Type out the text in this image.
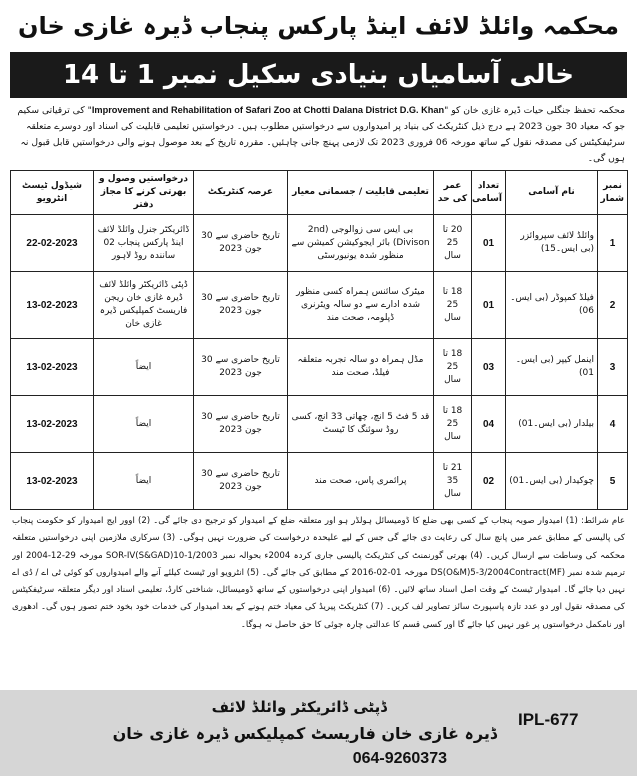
محکمہ وائلڈ لائف اینڈ پارکس پنجاب ڈیرہ غازی خان
خالی آسامیاں بنیادی سکیل نمبر 1 تا 14
محکمہ تحفظ جنگلی حیات ڈیرہ غازی خان کو "Improvement and Rehabilitation of Safari Zoo at Chotti Dalana District D.G. Khan" کی ترقیاتی سکیم جو کہ معیاد 30 جون 2023 ہے درج ذیل کنٹریکٹ کی بنیاد پر امیدواروں سے درخواستیں مطلوب ہیں۔ درخواستیں تعلیمی قابلیت کی اسناد اور دوسرے متعلقہ سرٹیفکیٹس کی مصدقہ نقول کے ساتھ مورخہ 06 فروری 2023 تک لازمی پہنچ جانی چاہئیں۔ مقررہ تاریخ کے بعد موصول ہونے والی درخواستیں قابل قبول نہ ہوں گی۔
نمبر شمار	نام آسامی	تعداد آسامی	عمر کی حد	تعلیمی قابلیت / جسمانی معیار	عرصہ کنٹریکٹ	درخواستیں وصول و بھرتی کرنے کا مجاز دفتر	شیڈول ٹیسٹ انٹرویو
1	وائلڈ لائف سپروائزر (بی ایس۔15)	01	20 تا 25 سال	بی ایس سی زوالوجی (2nd Divison) بائر ایجوکیشن کمیشن سے منظور شدہ یونیورسٹی	تاریخ حاضری سے 30 جون 2023	ڈائریکٹر جنرل وائلڈ لائف اینڈ پارکس پنجاب 02 سانندہ روڈ لاہور	22-02-2023
2	فیلڈ کمپوڈر (بی ایس۔06)	01	18 تا 25 سال	میٹرک سائنس ہمراہ کسی منظور شدہ ادارے سے دو سالہ ویٹرنری ڈپلومہ، صحت مند	تاریخ حاضری سے 30 جون 2023	ڈپٹی ڈائریکٹر وائلڈ لائف ڈیرہ غازی خان ریجن فاریسٹ کمپلیکس ڈیرہ غازی خان	13-02-2023
3	اینمل کیپر (بی ایس۔01)	03	18 تا 25 سال	مڈل ہمراہ دو سالہ تجربہ متعلقہ فیلڈ، صحت مند	تاریخ حاضری سے 30 جون 2023	ایضاً	13-02-2023
4	بیلدار (بی ایس۔01)	04	18 تا 25 سال	قد 5 فٹ 5 انچ، چھاتی 33 انچ، کسی روڈ سوئنگ کا ٹیسٹ	تاریخ حاضری سے 30 جون 2023	ایضاً	13-02-2023
5	چوکیدار (بی ایس۔01)	02	21 تا 35 سال	پرائمری پاس، صحت مند	تاریخ حاضری سے 30 جون 2023	ایضاً	13-02-2023
عام شرائط: (1) امیدوار صوبہ پنجاب کے کسی بھی ضلع کا ڈومیسائل ہولڈر ہو اور متعلقہ ضلع کے امیدوار کو ترجیح دی جائے گی۔ (2) اوور ایج امیدوار کو حکومت پنجاب کی پالیسی کے مطابق عمر میں پانچ سال کی رعایت دی جائے گی جس کے لیے علیحدہ درخواست کی ضرورت نہیں ہوگی۔ (3) سرکاری ملازمین اپنی درخواستیں متعلقہ محکمہ کی وساطت سے ارسال کریں۔ (4) بھرتی گورنمنٹ کی کنٹریکٹ پالیسی جاری کردہ 2004ء بحوالہ نمبر SOR-IV(S&GAD)10-1/2003 مورخہ 29-12-2004 اور ترمیم شدہ نمبر DS(O&M)5-3/2004Contract(MF) مورخہ 01-02-2016 کے مطابق کی جائے گی۔ (5) انٹرویو اور ٹیسٹ کیلئے آنے والے امیدواروں کو کوئی ٹی اے / ڈی اے نہیں دیا جائے گا۔ امیدوار ٹیسٹ کے وقت اصل اسناد ساتھ لائیں۔ (6) امیدوار اپنی درخواستوں کے ساتھ ڈومیسائل، شناختی کارڈ، تعلیمی اسناد اور دیگر متعلقہ سرٹیفکیٹس کی مصدقہ نقول اور دو عدد تازہ پاسپورٹ سائز تصاویر لف کریں۔ (7) کنٹریکٹ پیریڈ کی معیاد ختم ہونے کے بعد امیدوار کی خدمات خود بخود ختم تصور ہوں گی۔ ادھوری اور نامکمل درخواستوں پر غور نہیں کیا جائے گا اور کسی قسم کا عدالتی چارہ جوئی کا حق حاصل نہ ہوگا۔
ڈپٹی ڈائریکٹر وائلڈ لائف
ڈیرہ غازی خان فاریسٹ کمپلیکس ڈیرہ غازی خان
064-9260373
IPL-677
